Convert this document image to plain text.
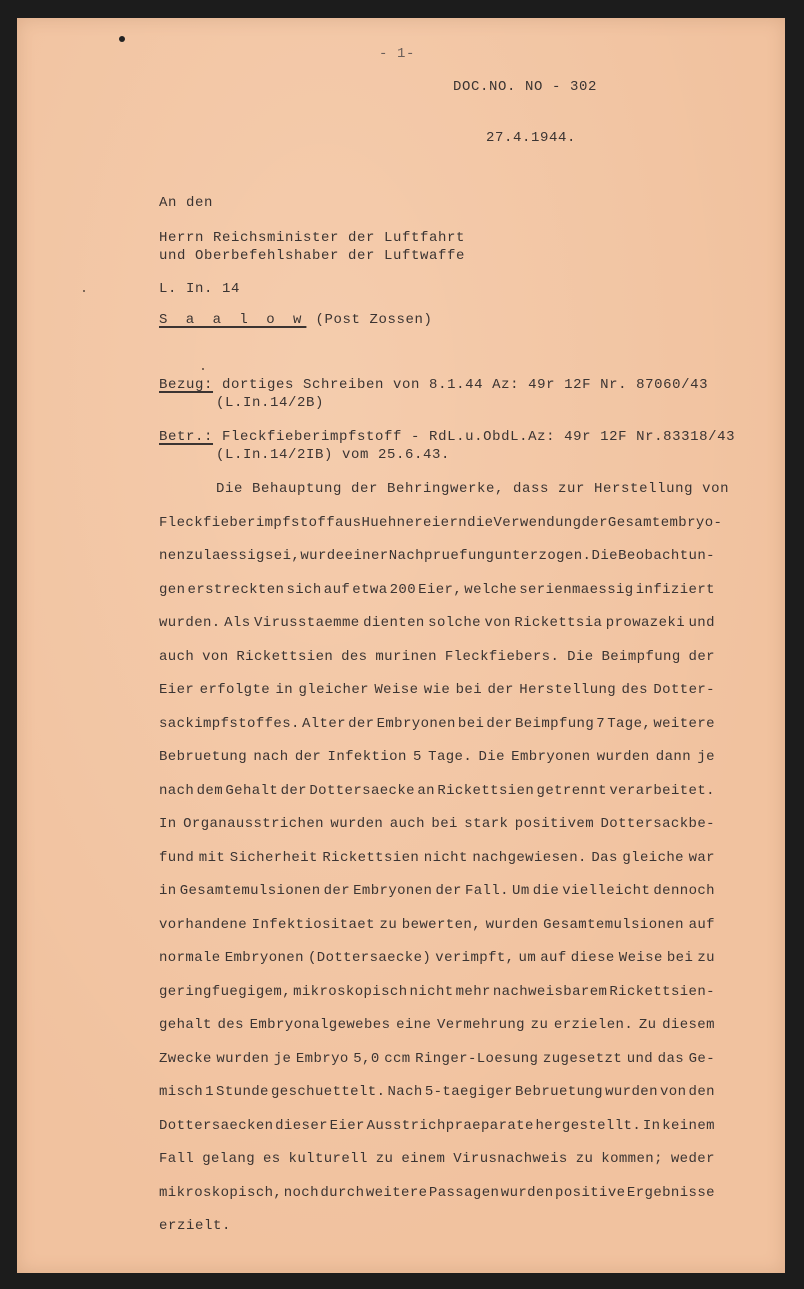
- 1-
DOC.NO. NO - 302
27.4.1944.
An den
Herrn Reichsminister der Luftfahrt
und Oberbefehlshaber der Luftwaffe
L. In. 14
S a a l o w (Post Zossen)
Bezug: dortiges Schreiben von 8.1.44 Az: 49r 12F Nr. 87060/43
(L.In.14/2B)
Betr.: Fleckfieberimpfstoff - RdL.u.ObdL.Az: 49r 12F Nr.83318/43
(L.In.14/2IB) vom 25.6.43.
Die Behauptung der Behringwerke, dass zur Herstellung von
Fleckfieberimpfstoff aus Huehnereiern die Verwendung der Gesamtembryo-
nen zulaessig sei, wurde einer Nachpruefung unterzogen. Die Beobachtun-
gen erstreckten sich auf etwa 200 Eier, welche serienmaessig infiziert
wurden. Als Virusstaemme dienten solche von Rickettsia prowazeki und
auch von Rickettsien des murinen Fleckfiebers. Die Beimpfung der
Eier erfolgte in gleicher Weise wie bei der Herstellung des Dotter-
sackimpfstoffes. Alter der Embryonen bei der Beimpfung 7 Tage, weitere
Bebruetung nach der Infektion 5 Tage. Die Embryonen wurden dann je
nach dem Gehalt der Dottersaecke an Rickettsien getrennt verarbeitet.
In Organausstrichen wurden auch bei stark positivem Dottersackbe-
fund mit Sicherheit Rickettsien nicht nachgewiesen. Das gleiche war
in Gesamtemulsionen der Embryonen der Fall. Um die vielleicht dennoch
vorhandene Infektiositaet zu bewerten, wurden Gesamtemulsionen auf
normale Embryonen (Dottersaecke) verimpft, um auf diese Weise bei zu
geringfuegigem, mikroskopisch nicht mehr nachweisbarem Rickettsien-
gehalt des Embryonalgewebes eine Vermehrung zu erzielen. Zu diesem
Zwecke wurden je Embryo 5,0 ccm Ringer-Loesung zugesetzt und das Ge-
misch 1 Stunde geschuettelt. Nach 5-taegiger Bebruetung wurden von den
Dottersaecken dieser Eier Ausstrichpraeparate hergestellt. In keinem
Fall gelang es kulturell zu einem Virusnachweis zu kommen; weder
mikroskopisch, noch durch weitere Passagen wurden positive Ergebnisse
erzielt.
